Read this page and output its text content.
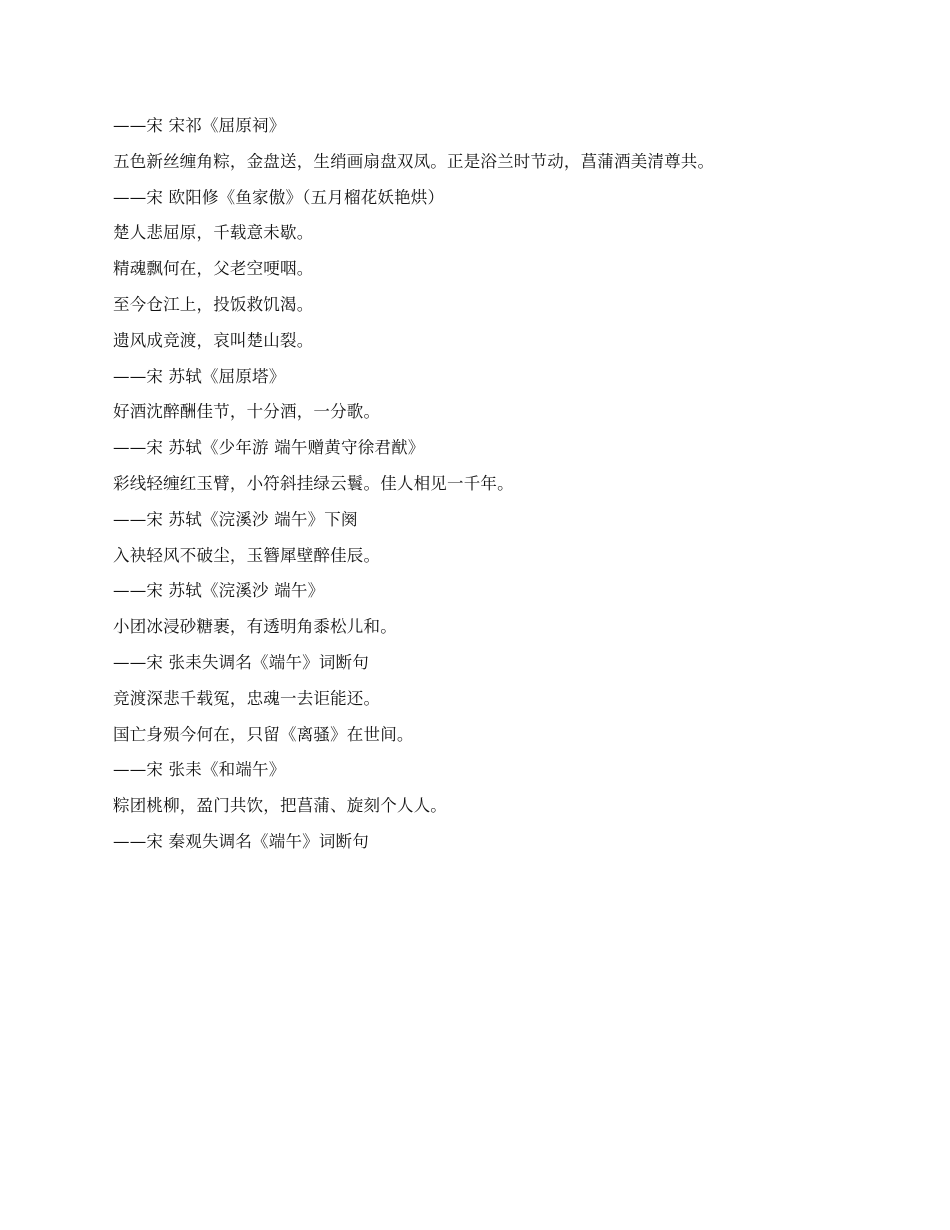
——宋 宋祁《屈原祠》
五色新丝缠角粽，金盘送，生绡画扇盘双凤。正是浴兰时节动，菖蒲酒美清尊共。
——宋 欧阳修《鱼家傲》（五月榴花妖艳烘）
楚人悲屈原，千载意未歇。
精魂飘何在，父老空哽咽。
至今仓江上，投饭救饥渴。
遗风成竞渡，哀叫楚山裂。
——宋 苏轼《屈原塔》
好酒沈醉酬佳节，十分酒，一分歌。
——宋 苏轼《少年游 端午赠黄守徐君猷》
彩线轻缠红玉臂，小符斜挂绿云鬟。佳人相见一千年。
——宋 苏轼《浣溪沙 端午》下阕
入袂轻风不破尘，玉簪犀壁醉佳辰。
——宋 苏轼《浣溪沙 端午》
小团冰浸砂糖裹，有透明角黍松儿和。
——宋 张耒失调名《端午》词断句
竞渡深悲千载冤，忠魂一去讵能还。
国亡身殒今何在，只留《离骚》在世间。
——宋 张耒《和端午》
粽团桃柳，盈门共饮，把菖蒲、旋刻个人人。
——宋 秦观失调名《端午》词断句
